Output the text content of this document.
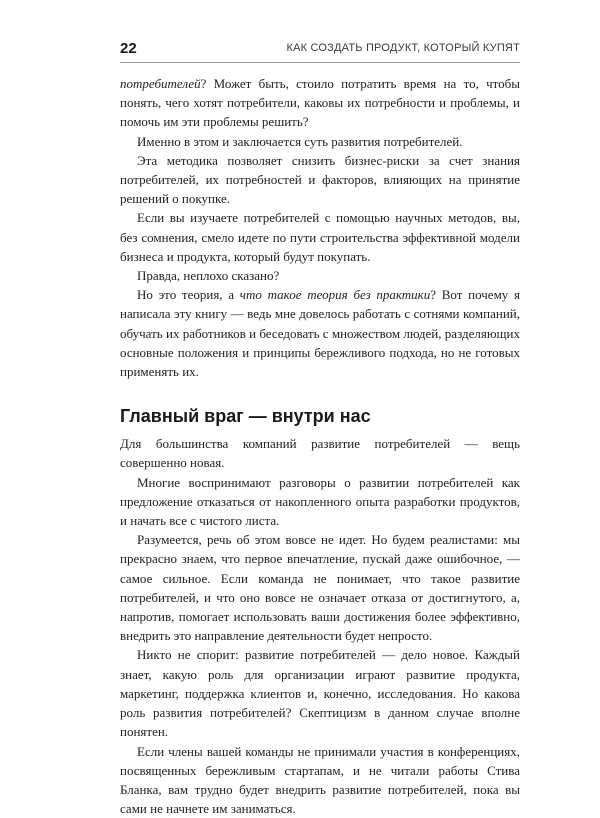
22	КАК СОЗДАТЬ ПРОДУКТ, КОТОРЫЙ КУПЯТ

потребителей? Может быть, стоило потратить время на то, чтобы понять, чего хотят потребители, каковы их потребности и проблемы, и помочь им эти проблемы решить?

Именно в этом и заключается суть развития потребителей.

Эта методика позволяет снизить бизнес-риски за счет знания потребителей, их потребностей и факторов, влияющих на принятие решений о покупке.

Если вы изучаете потребителей с помощью научных методов, вы, без сомнения, смело идете по пути строительства эффективной модели бизнеса и продукта, который будут покупать.

Правда, неплохо сказано?

Но это теория, а что такое теория без практики? Вот почему я написала эту книгу — ведь мне довелось работать с сотнями компаний, обучать их работников и беседовать с множеством людей, разделяющих основные положения и принципы бережливого подхода, но не готовых применять их.

Главный враг — внутри нас

Для большинства компаний развитие потребителей — вещь совершенно новая.

Многие воспринимают разговоры о развитии потребителей как предложение отказаться от накопленного опыта разработки продуктов, и начать все с чистого листа.

Разумеется, речь об этом вовсе не идет. Но будем реалистами: мы прекрасно знаем, что первое впечатление, пускай даже ошибочное, — самое сильное. Если команда не понимает, что такое развитие потребителей, и что оно вовсе не означает отказа от достигнутого, а, напротив, помогает использовать ваши достижения более эффективно, внедрить это направление деятельности будет непросто.

Никто не спорит: развитие потребителей — дело новое. Каждый знает, какую роль для организации играют развитие продукта, маркетинг, поддержка клиентов и, конечно, исследования. Но какова роль развития потребителей? Скептицизм в данном случае вполне понятен.

Если члены вашей команды не принимали участия в конференциях, посвященных бережливым стартапам, и не читали работы Стива Бланка, вам трудно будет внедрить развитие потребителей, пока вы сами не начнете им заниматься.
